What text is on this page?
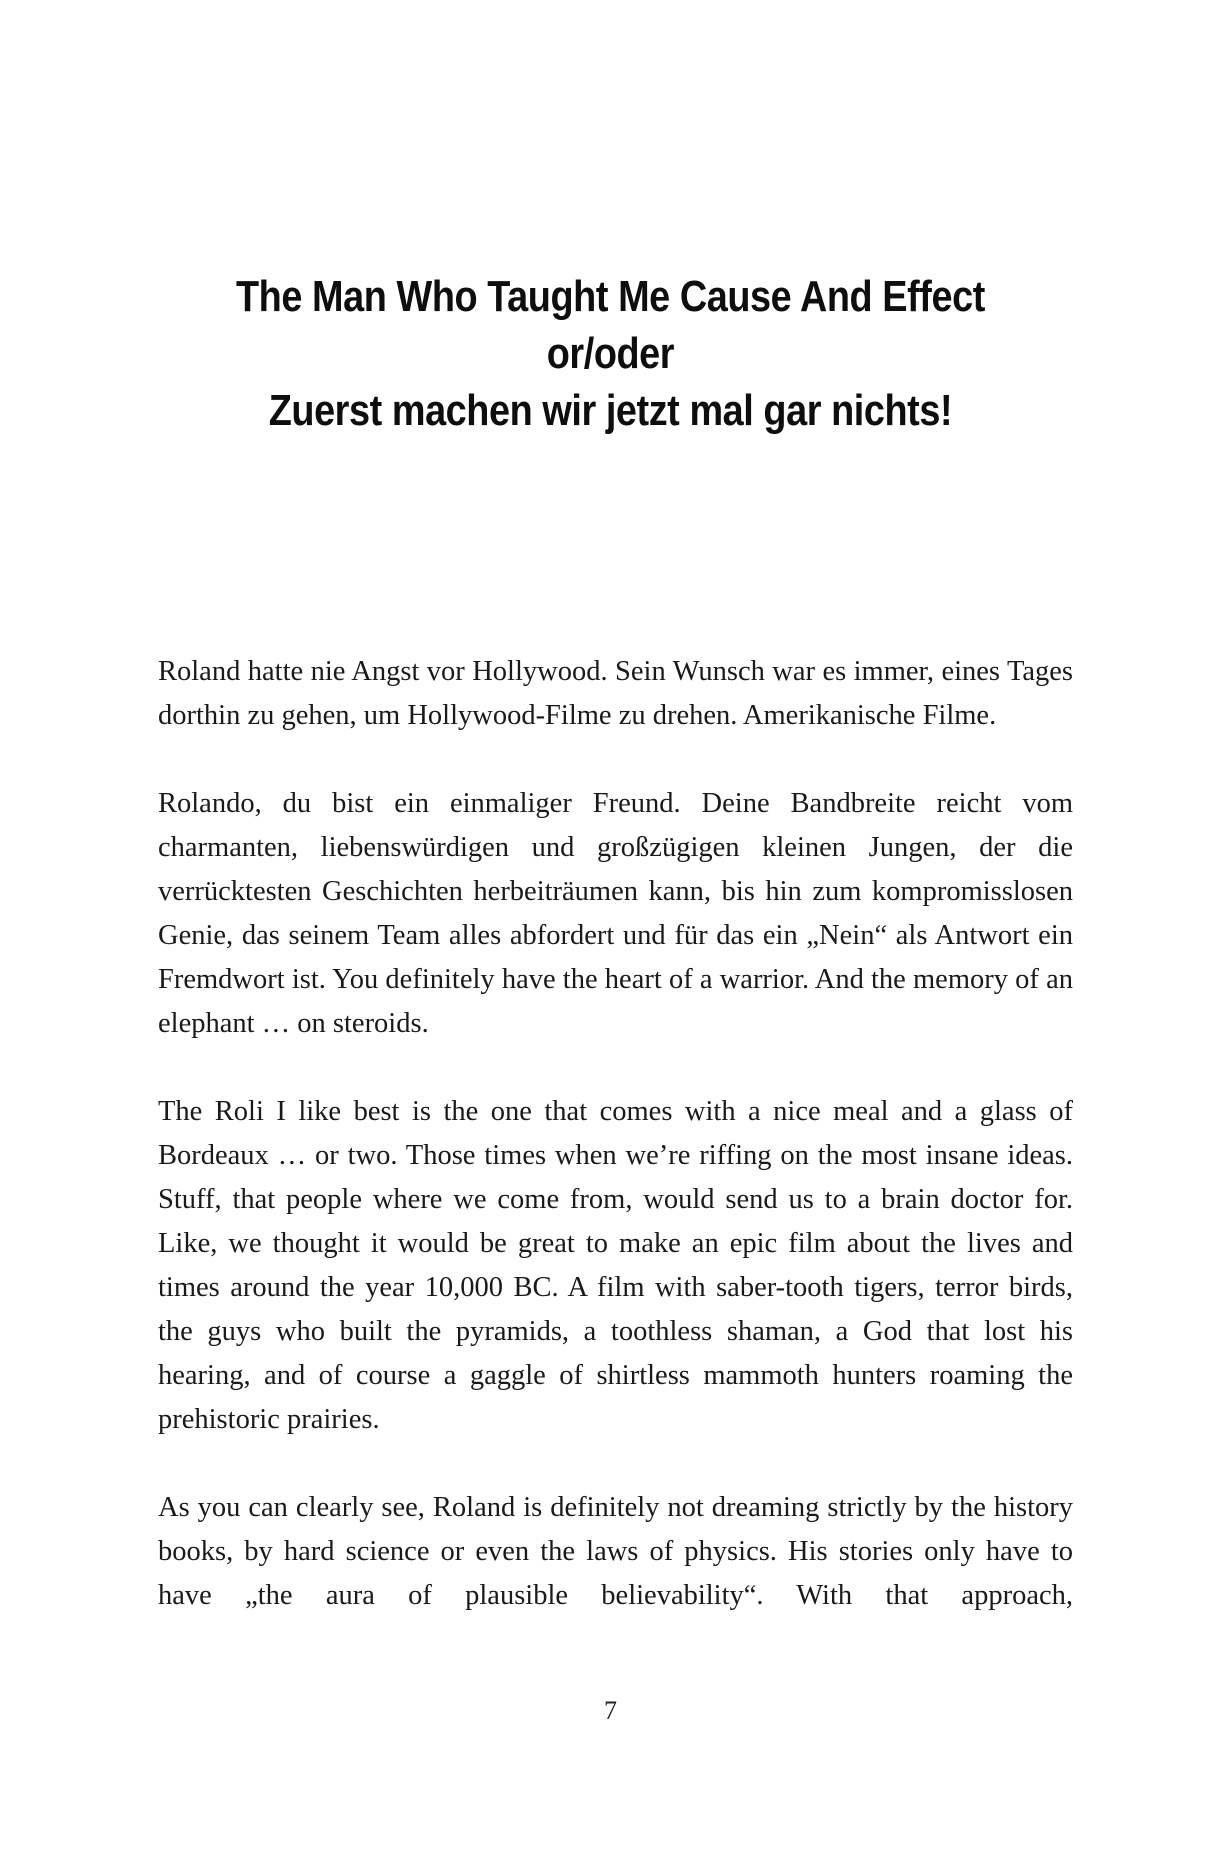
The Man Who Taught Me Cause And Effect
or/oder
Zuerst machen wir jetzt mal gar nichts!

Roland hatte nie Angst vor Hollywood. Sein Wunsch war es immer, eines Tages dorthin zu gehen, um Hollywood-Filme zu drehen. Amerikanische Filme.

Rolando, du bist ein einmaliger Freund. Deine Bandbreite reicht vom charmanten, liebenswürdigen und großzügigen kleinen Jungen, der die verrücktesten Geschichten herbeiträumen kann, bis hin zum kompromisslosen Genie, das seinem Team alles abfordert und für das ein „Nein“ als Antwort ein Fremdwort ist. You definitely have the heart of a warrior. And the memory of an elephant … on steroids.

The Roli I like best is the one that comes with a nice meal and a glass of Bordeaux … or two. Those times when we’re riffing on the most insane ideas. Stuff, that people where we come from, would send us to a brain doctor for. Like, we thought it would be great to make an epic film about the lives and times around the year 10,000 BC. A film with saber-tooth tigers, terror birds, the guys who built the pyramids, a toothless shaman, a God that lost his hearing, and of course a gaggle of shirtless mammoth hunters roaming the prehistoric prairies.

As you can clearly see, Roland is definitely not dreaming strictly by the history books, by hard science or even the laws of physics. His stories only have to have „the aura of plausible believability“. With that approach,

7
